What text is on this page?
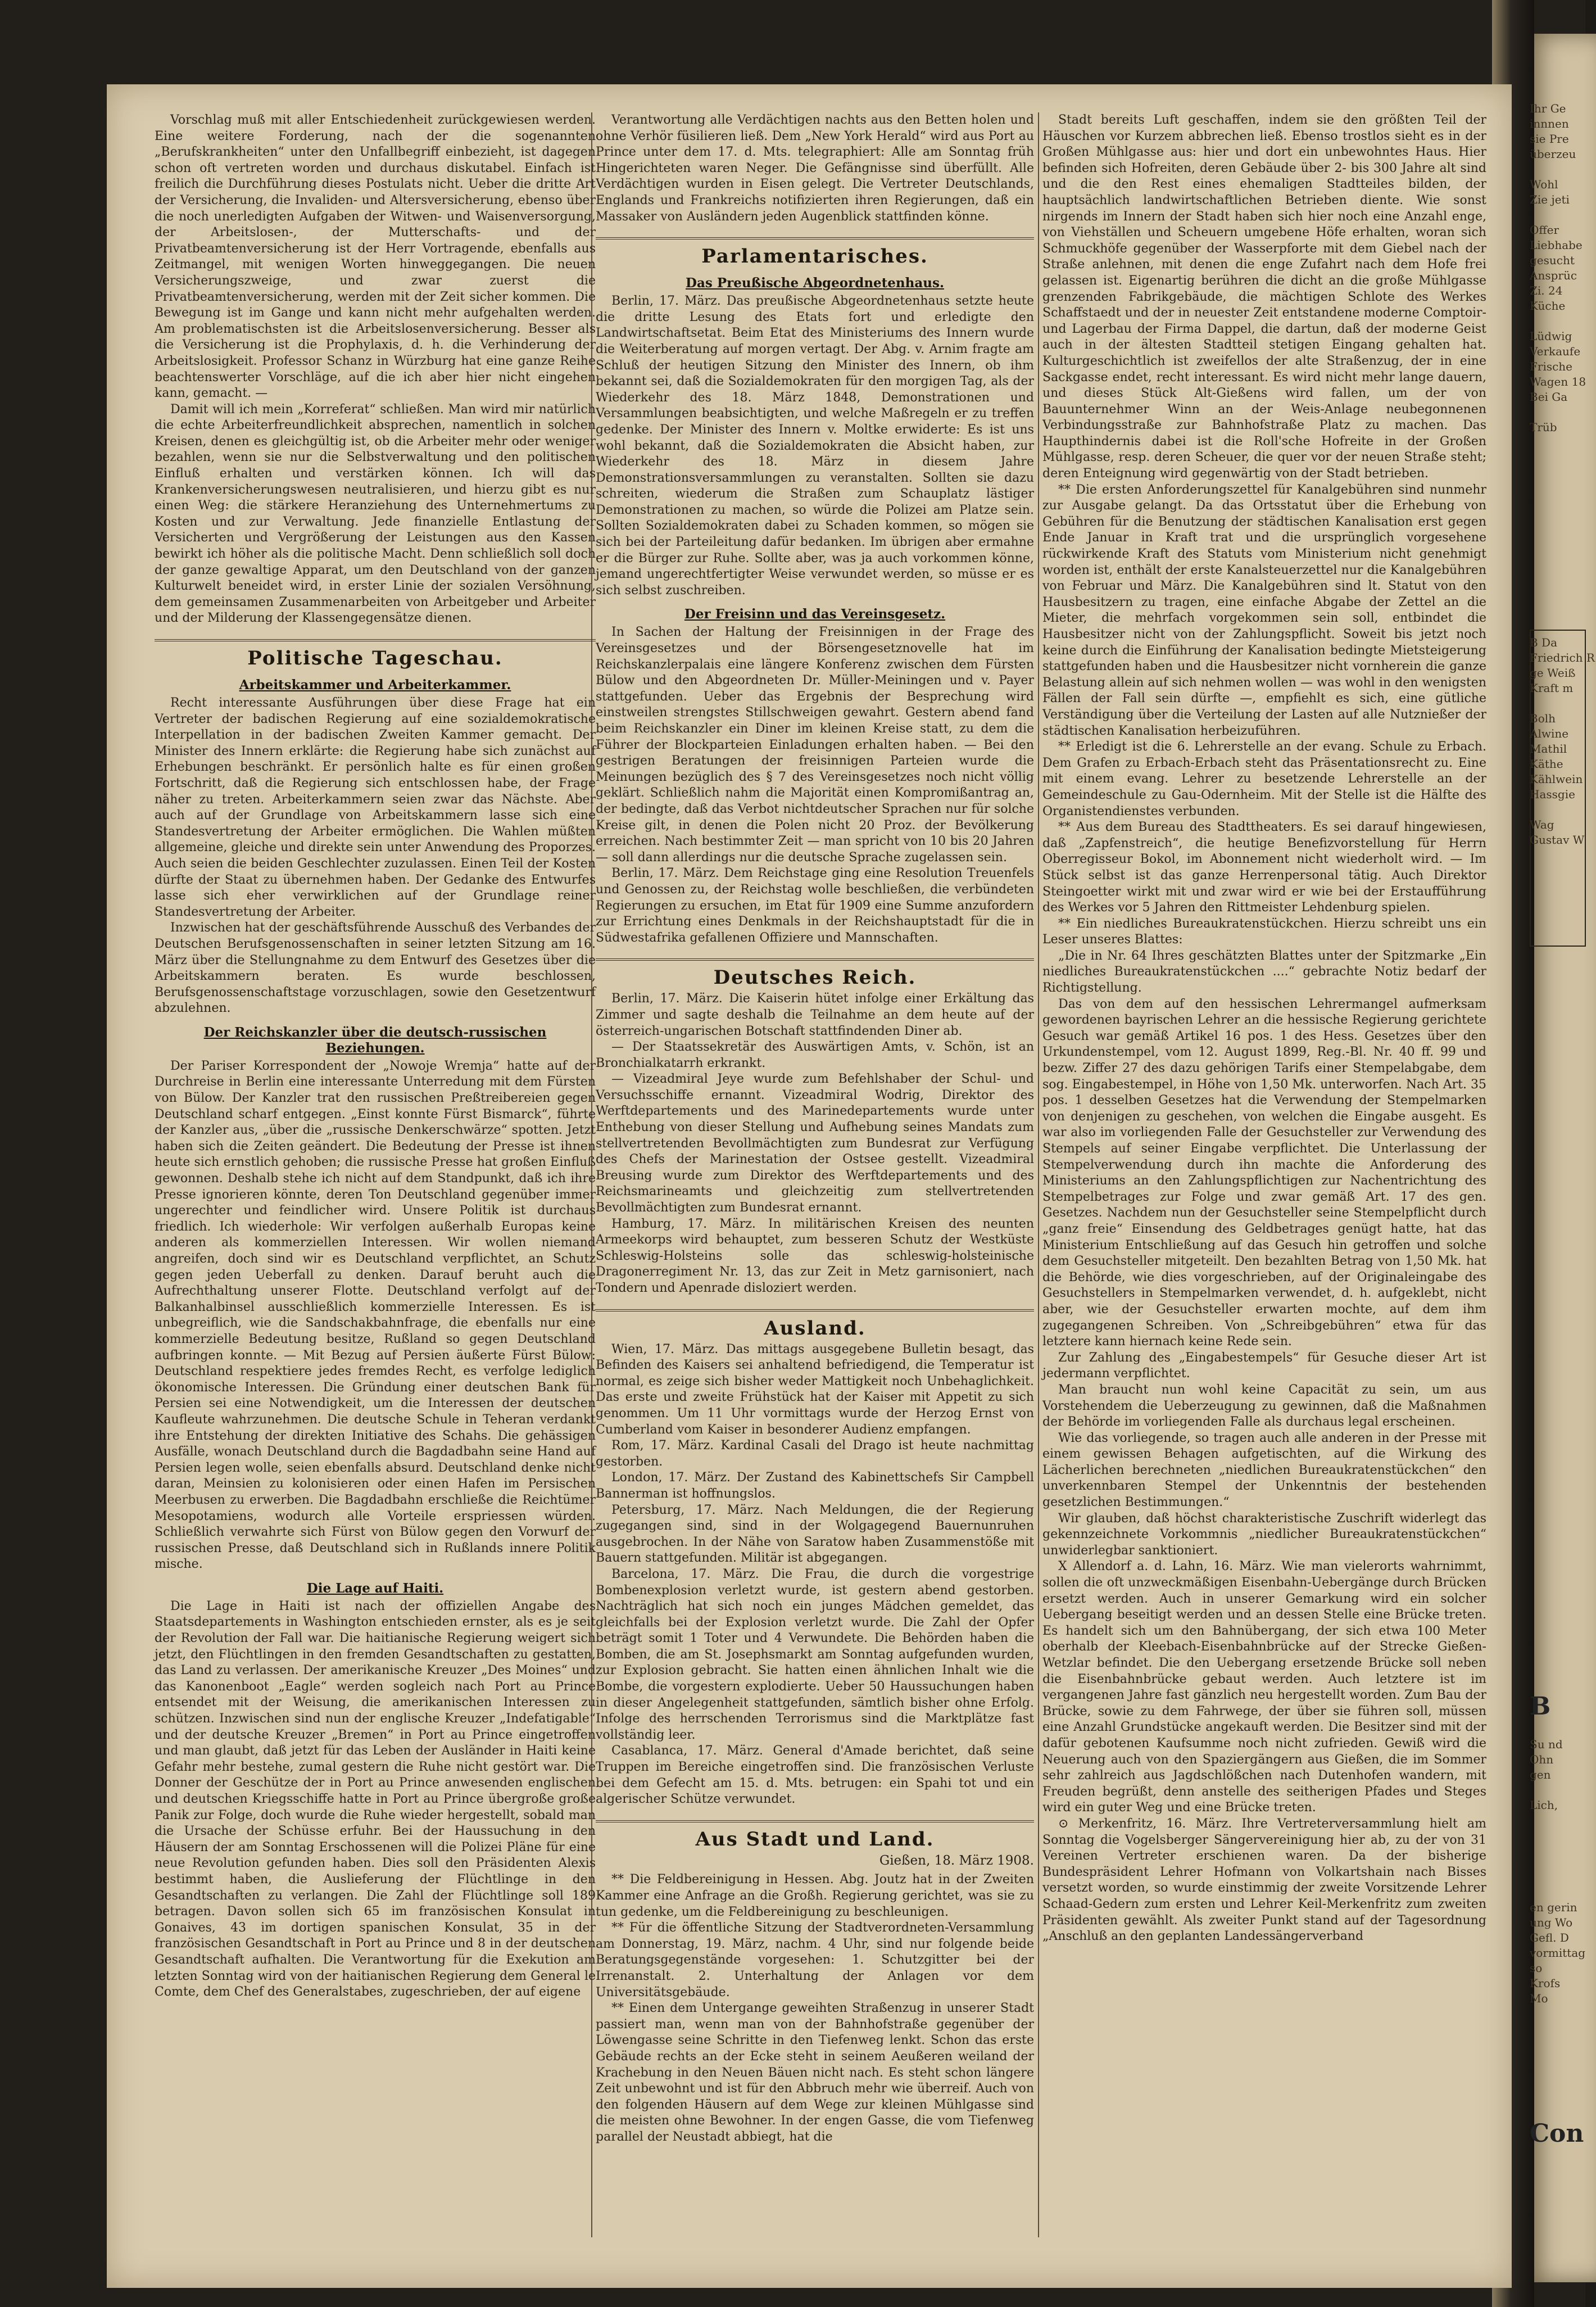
Vorschlag muß mit aller Entschiedenheit zurückgewiesen werden. Eine weitere Forderung, nach der die sogenannten „Berufskrankheiten“ unter den Unfallbegriff einbezieht, ist dagegen schon oft vertreten worden und durchaus diskutabel. Einfach ist freilich die Durchführung dieses Postulats nicht. Ueber die dritte Art der Versicherung, die Invaliden- und Altersversicherung, ebenso über die noch unerledigten Aufgaben der Witwen- und Waisenversorgung, der Arbeitslosen-, der Mutterschafts- und der Privatbeamtenversicherung ist der Herr Vortragende, ebenfalls aus Zeitmangel, mit wenigen Worten hinweggegangen. Die neuen Versicherungszweige, und zwar zuerst die Privatbeamtenversicherung, werden mit der Zeit sicher kommen. Die Bewegung ist im Gange und kann nicht mehr aufgehalten werden. Am problematischsten ist die Arbeitslosenversicherung. Besser als die Versicherung ist die Prophylaxis, d. h. die Verhinderung der Arbeitslosigkeit. Professor Schanz in Würzburg hat eine ganze Reihe beachtenswerter Vorschläge, auf die ich aber hier nicht eingehen kann, gemacht. —

Damit will ich mein „Korreferat“ schließen. Man wird mir natürlich die echte Arbeiterfreundlichkeit absprechen, namentlich in solchen Kreisen, denen es gleichgültig ist, ob die Arbeiter mehr oder weniger bezahlen, wenn sie nur die Selbstverwaltung und den politischen Einfluß erhalten und verstärken können. Ich will das Krankenversicherungswesen neutralisieren, und hierzu gibt es nur einen Weg: die stärkere Heranziehung des Unternehmertums zu Kosten und zur Verwaltung. Jede finanzielle Entlastung der Versicherten und Vergrößerung der Leistungen aus den Kassen bewirkt ich höher als die politische Macht. Denn schließlich soll doch der ganze gewaltige Apparat, um den Deutschland von der ganzen Kulturwelt beneidet wird, in erster Linie der sozialen Versöhnung, dem gemeinsamen Zusammenarbeiten von Arbeitgeber und Arbeiter und der Milderung der Klassengegensätze dienen.

Politische Tageschau.
Arbeitskammer und Arbeiterkammer.

Recht interessante Ausführungen über diese Frage hat ein Vertreter der badischen Regierung auf eine sozialdemokratische Interpellation in der badischen Zweiten Kammer gemacht. Der Minister des Innern erklärte: die Regierung habe sich zunächst auf Erhebungen beschränkt. Er persönlich halte es für einen großen Fortschritt, daß die Regierung sich entschlossen habe, der Frage näher zu treten. Arbeiterkammern seien zwar das Nächste. Aber auch auf der Grundlage von Arbeitskammern lasse sich eine Standesvertretung der Arbeiter ermöglichen. Die Wahlen müßten allgemeine, gleiche und direkte sein unter Anwendung des Proporzes. Auch seien die beiden Geschlechter zuzulassen. Einen Teil der Kosten dürfte der Staat zu übernehmen haben. Der Gedanke des Entwurfes lasse sich eher verwirklichen auf der Grundlage reiner Standesvertretung der Arbeiter.

Inzwischen hat der geschäftsführende Ausschuß des Verbandes der Deutschen Berufsgenossenschaften in seiner letzten Sitzung am 16. März über die Stellungnahme zu dem Entwurf des Gesetzes über die Arbeitskammern beraten. Es wurde beschlossen, Berufsgenossenschaftstage vorzuschlagen, sowie den Gesetzentwurf abzulehnen.

Der Reichskanzler über die deutsch-russischen Beziehungen.

Der Pariser Korrespondent der „Nowoje Wremja“ hatte auf der Durchreise in Berlin eine interessante Unterredung mit dem Fürsten von Bülow. Der Kanzler trat den russischen Preßtreibereien gegen Deutschland scharf entgegen. „Einst konnte Fürst Bismarck“, führte der Kanzler aus, „über die „russische Denkerschwärze“ spotten. Jetzt haben sich die Zeiten geändert. Die Bedeutung der Presse ist ihnen heute sich ernstlich gehoben; die russische Presse hat großen Einfluß gewonnen. Deshalb stehe ich nicht auf dem Standpunkt, daß ich ihre Presse ignorieren könnte, deren Ton Deutschland gegenüber immer ungerechter und feindlicher wird. Unsere Politik ist durchaus friedlich. Ich wiederhole: Wir verfolgen außerhalb Europas keine anderen als kommerziellen Interessen. Wir wollen niemand angreifen, doch sind wir es Deutschland verpflichtet, an Schutz gegen jeden Ueberfall zu denken. Darauf beruht auch die Aufrechthaltung unserer Flotte. Deutschland verfolgt auf der Balkanhalbinsel ausschließlich kommerzielle Interessen. Es ist unbegreiflich, wie die Sandschakbahnfrage, die ebenfalls nur eine kommerzielle Bedeutung besitze, Rußland so gegen Deutschland aufbringen konnte. — Mit Bezug auf Persien äußerte Fürst Bülow: Deutschland respektiere jedes fremdes Recht, es verfolge lediglich ökonomische Interessen. Die Gründung einer deutschen Bank für Persien sei eine Notwendigkeit, um die Interessen der deutschen Kaufleute wahrzunehmen. Die deutsche Schule in Teheran verdankt ihre Entstehung der direkten Initiative des Schahs. Die gehässigen Ausfälle, wonach Deutschland durch die Bagdadbahn seine Hand auf Persien legen wolle, seien ebenfalls absurd. Deutschland denke nicht daran, Meinsien zu kolonisieren oder einen Hafen im Persischen Meerbusen zu erwerben. Die Bagdadbahn erschließe die Reichtümer Mesopotamiens, wodurch alle Vorteile erspriessen würden. Schließlich verwahrte sich Fürst von Bülow gegen den Vorwurf der russischen Presse, daß Deutschland sich in Rußlands innere Politik mische.

Die Lage auf Haiti.

Die Lage in Haiti ist nach der offiziellen Angabe des Staatsdepartements in Washington entschieden ernster, als es je seit der Revolution der Fall war. Die haitianische Regierung weigert sich jetzt, den Flüchtlingen in den fremden Gesandtschaften zu gestatten, das Land zu verlassen. Der amerikanische Kreuzer „Des Moines“ und das Kanonenboot „Eagle“ werden sogleich nach Port au Prince entsendet mit der Weisung, die amerikanischen Interessen zu schützen. Inzwischen sind nun der englische Kreuzer „Indefatigable“ und der deutsche Kreuzer „Bremen“ in Port au Prince eingetroffen und man glaubt, daß jetzt für das Leben der Ausländer in Haiti keine Gefahr mehr bestehe, zumal gestern die Ruhe nicht gestört war. Die Donner der Geschütze der in Port au Prince anwesenden englischen und deutschen Kriegsschiffe hatte in Port au Prince übergroße große Panik zur Folge, doch wurde die Ruhe wieder hergestellt, sobald man die Ursache der Schüsse erfuhr. Bei der Haussuchung in den Häusern der am Sonntag Erschossenen will die Polizei Pläne für eine neue Revolution gefunden haben. Dies soll den Präsidenten Alexis bestimmt haben, die Auslieferung der Flüchtlinge in den Gesandtschaften zu verlangen. Die Zahl der Flüchtlinge soll 189 betragen. Davon sollen sich 65 im französischen Konsulat in Gonaives, 43 im dortigen spanischen Konsulat, 35 in der französischen Gesandtschaft in Port au Prince und 8 in der deutschen Gesandtschaft aufhalten. Die Verantwortung für die Exekution am letzten Sonntag wird von der haitianischen Regierung dem General le Comte, dem Chef des Generalstabes, zugeschrieben, der auf eigene

Verantwortung alle Verdächtigen nachts aus den Betten holen und ohne Verhör füsilieren ließ. Dem „New York Herald“ wird aus Port au Prince unter dem 17. d. Mts. telegraphiert: Alle am Sonntag früh Hingerichteten waren Neger. Die Gefängnisse sind überfüllt. Alle Verdächtigen wurden in Eisen gelegt. Die Vertreter Deutschlands, Englands und Frankreichs notifizierten ihren Regierungen, daß ein Massaker von Ausländern jeden Augenblick stattfinden könne.

Parlamentarisches.
Das Preußische Abgeordnetenhaus.

Berlin, 17. März. Das preußische Abgeordnetenhaus setzte heute die dritte Lesung des Etats fort und erledigte den Landwirtschaftsetat. Beim Etat des Ministeriums des Innern wurde die Weiterberatung auf morgen vertagt. Der Abg. v. Arnim fragte am Schluß der heutigen Sitzung den Minister des Innern, ob ihm bekannt sei, daß die Sozialdemokraten für den morgigen Tag, als der Wiederkehr des 18. März 1848, Demonstrationen und Versammlungen beabsichtigten, und welche Maßregeln er zu treffen gedenke. Der Minister des Innern v. Moltke erwiderte: Es ist uns wohl bekannt, daß die Sozialdemokraten die Absicht haben, zur Wiederkehr des 18. März in diesem Jahre Demonstrationsversammlungen zu veranstalten. Sollten sie dazu schreiten, wiederum die Straßen zum Schauplatz lästiger Demonstrationen zu machen, so würde die Polizei am Platze sein. Sollten Sozialdemokraten dabei zu Schaden kommen, so mögen sie sich bei der Parteileitung dafür bedanken. Im übrigen aber ermahne er die Bürger zur Ruhe. Sollte aber, was ja auch vorkommen könne, jemand ungerechtfertigter Weise verwundet werden, so müsse er es sich selbst zuschreiben.

Der Freisinn und das Vereinsgesetz.

In Sachen der Haltung der Freisinnigen in der Frage des Vereinsgesetzes und der Börsengesetznovelle hat im Reichskanzlerpalais eine längere Konferenz zwischen dem Fürsten Bülow und den Abgeordneten Dr. Müller-Meiningen und v. Payer stattgefunden. Ueber das Ergebnis der Besprechung wird einstweilen strengstes Stillschweigen gewahrt. Gestern abend fand beim Reichskanzler ein Diner im kleinen Kreise statt, zu dem die Führer der Blockparteien Einladungen erhalten haben. — Bei den gestrigen Beratungen der freisinnigen Parteien wurde die Meinungen bezüglich des § 7 des Vereinsgesetzes noch nicht völlig geklärt. Schließlich nahm die Majorität einen Kompromißantrag an, der bedingte, daß das Verbot nichtdeutscher Sprachen nur für solche Kreise gilt, in denen die Polen nicht 20 Proz. der Bevölkerung erreichen. Nach bestimmter Zeit — man spricht von 10 bis 20 Jahren — soll dann allerdings nur die deutsche Sprache zugelassen sein.

Berlin, 17. März. Dem Reichstage ging eine Resolution Treuenfels und Genossen zu, der Reichstag wolle beschließen, die verbündeten Regierungen zu ersuchen, im Etat für 1909 eine Summe anzufordern zur Errichtung eines Denkmals in der Reichshauptstadt für die in Südwestafrika gefallenen Offiziere und Mannschaften.

Deutsches Reich.

Berlin, 17. März. Die Kaiserin hütet infolge einer Erkältung das Zimmer und sagte deshalb die Teilnahme an dem heute auf der österreich-ungarischen Botschaft stattfindenden Diner ab.

— Der Staatssekretär des Auswärtigen Amts, v. Schön, ist an Bronchialkatarrh erkrankt.

— Vizeadmiral Jeye wurde zum Befehlshaber der Schul- und Versuchsschiffe ernannt. Vizeadmiral Wodrig, Direktor des Werftdepartements und des Marinedepartements wurde unter Enthebung von dieser Stellung und Aufhebung seines Mandats zum stellvertretenden Bevollmächtigten zum Bundesrat zur Verfügung des Chefs der Marinestation der Ostsee gestellt. Vizeadmiral Breusing wurde zum Direktor des Werftdepartements und des Reichsmarineamts und gleichzeitig zum stellvertretenden Bevollmächtigten zum Bundesrat ernannt.

Hamburg, 17. März. In militärischen Kreisen des neunten Armeekorps wird behauptet, zum besseren Schutz der Westküste Schleswig-Holsteins solle das schleswig-holsteinische Dragonerregiment Nr. 13, das zur Zeit in Metz garnisoniert, nach Tondern und Apenrade disloziert werden.

Ausland.

Wien, 17. März. Das mittags ausgegebene Bulletin besagt, das Befinden des Kaisers sei anhaltend befriedigend, die Temperatur ist normal, es zeige sich bisher weder Mattigkeit noch Unbehaglichkeit. Das erste und zweite Frühstück hat der Kaiser mit Appetit zu sich genommen. Um 11 Uhr vormittags wurde der Herzog Ernst von Cumberland vom Kaiser in besonderer Audienz empfangen.

Rom, 17. März. Kardinal Casali del Drago ist heute nachmittag gestorben.

London, 17. März. Der Zustand des Kabinettschefs Sir Campbell Bannerman ist hoffnungslos.

Petersburg, 17. März. Nach Meldungen, die der Regierung zugegangen sind, sind in der Wolgagegend Bauernunruhen ausgebrochen. In der Nähe von Saratow haben Zusammenstöße mit Bauern stattgefunden. Militär ist abgegangen.

Barcelona, 17. März. Die Frau, die durch die vorgestrige Bombenexplosion verletzt wurde, ist gestern abend gestorben. Nachträglich hat sich noch ein junges Mädchen gemeldet, das gleichfalls bei der Explosion verletzt wurde. Die Zahl der Opfer beträgt somit 1 Toter und 4 Verwundete. Die Behörden haben die Bomben, die am St. Josephsmarkt am Sonntag aufgefunden wurden, zur Explosion gebracht. Sie hatten einen ähnlichen Inhalt wie die Bombe, die vorgestern explodierte. Ueber 50 Haussuchungen haben in dieser Angelegenheit stattgefunden, sämtlich bisher ohne Erfolg. Infolge des herrschenden Terrorismus sind die Marktplätze fast vollständig leer.

Casablanca, 17. März. General d'Amade berichtet, daß seine Truppen im Bereiche eingetroffen sind. Die französischen Verluste bei dem Gefecht am 15. d. Mts. betrugen: ein Spahi tot und ein algerischer Schütze verwundet.

Aus Stadt und Land.
Gießen, 18. März 1908.

** Die Feldbereinigung in Hessen. Abg. Joutz hat in der Zweiten Kammer eine Anfrage an die Großh. Regierung gerichtet, was sie zu tun gedenke, um die Feldbereinigung zu beschleunigen.

** Für die öffentliche Sitzung der Stadtverordneten-Versammlung am Donnerstag, 19. März, nachm. 4 Uhr, sind nur folgende beide Beratungsgegenstände vorgesehen: 1. Schutzgitter bei der Irrenanstalt. 2. Unterhaltung der Anlagen vor dem Universitätsgebäude.

** Einen dem Untergange geweihten Straßenzug in unserer Stadt passiert man, wenn man von der Bahnhofstraße gegenüber der Löwengasse seine Schritte in den Tiefenweg lenkt. Schon das erste Gebäude rechts an der Ecke steht in seinem Aeußeren weiland der Krachebung in den Neuen Bäuen nicht nach. Es steht schon längere Zeit unbewohnt und ist für den Abbruch mehr wie überreif. Auch von den folgenden Häusern auf dem Wege zur kleinen Mühlgasse sind die meisten ohne Bewohner. In der engen Gasse, die vom Tiefenweg parallel der Neustadt abbiegt, hat die

Stadt bereits Luft geschaffen, indem sie den größten Teil der Häuschen vor Kurzem abbrechen ließ. Ebenso trostlos sieht es in der Großen Mühlgasse aus: hier und dort ein unbewohntes Haus. Hier befinden sich Hofreiten, deren Gebäude über 2- bis 300 Jahre alt sind und die den Rest eines ehemaligen Stadtteiles bilden, der hauptsächlich landwirtschaftlichen Betrieben diente. Wie sonst nirgends im Innern der Stadt haben sich hier noch eine Anzahl enge, von Viehställen und Scheuern umgebene Höfe erhalten, woran sich Schmuckhöfe gegenüber der Wasserpforte mit dem Giebel nach der Straße anlehnen, mit denen die enge Zufahrt nach dem Hofe frei gelassen ist. Eigenartig berühren die dicht an die große Mühlgasse grenzenden Fabrikgebäude, die mächtigen Schlote des Werkes Schaffstaedt und der in neuester Zeit entstandene moderne Comptoir- und Lagerbau der Firma Dappel, die dartun, daß der moderne Geist auch in der ältesten Stadtteil stetigen Eingang gehalten hat. Kulturgeschichtlich ist zweifellos der alte Straßenzug, der in eine Sackgasse endet, recht interessant. Es wird nicht mehr lange dauern, und dieses Stück Alt-Gießens wird fallen, um der von Bauunternehmer Winn an der Weis-Anlage neubegonnenen Verbindungsstraße zur Bahnhofstraße Platz zu machen. Das Haupthindernis dabei ist die Roll'sche Hofreite in der Großen Mühlgasse, resp. deren Scheuer, die quer vor der neuen Straße steht; deren Enteignung wird gegenwärtig von der Stadt betrieben.

** Die ersten Anforderungszettel für Kanalgebühren sind nunmehr zur Ausgabe gelangt. Da das Ortsstatut über die Erhebung von Gebühren für die Benutzung der städtischen Kanalisation erst gegen Ende Januar in Kraft trat und die ursprünglich vorgesehene rückwirkende Kraft des Statuts vom Ministerium nicht genehmigt worden ist, enthält der erste Kanalsteuerzettel nur die Kanalgebühren von Februar und März. Die Kanalgebühren sind lt. Statut von den Hausbesitzern zu tragen, eine einfache Abgabe der Zettel an die Mieter, die mehrfach vorgekommen sein soll, entbindet die Hausbesitzer nicht von der Zahlungspflicht. Soweit bis jetzt noch keine durch die Einführung der Kanalisation bedingte Mietsteigerung stattgefunden haben und die Hausbesitzer nicht vornherein die ganze Belastung allein auf sich nehmen wollen — was wohl in den wenigsten Fällen der Fall sein dürfte —, empfiehlt es sich, eine gütliche Verständigung über die Verteilung der Lasten auf alle Nutznießer der städtischen Kanalisation herbeizuführen.

** Erledigt ist die 6. Lehrerstelle an der evang. Schule zu Erbach. Dem Grafen zu Erbach-Erbach steht das Präsentationsrecht zu. Eine mit einem evang. Lehrer zu besetzende Lehrerstelle an der Gemeindeschule zu Gau-Odernheim. Mit der Stelle ist die Hälfte des Organistendienstes verbunden.

** Aus dem Bureau des Stadttheaters. Es sei darauf hingewiesen, daß „Zapfenstreich“, die heutige Benefizvorstellung für Herrn Oberregisseur Bokol, im Abonnement nicht wiederholt wird. — Im Stück selbst ist das ganze Herrenpersonal tätig. Auch Direktor Steingoetter wirkt mit und zwar wird er wie bei der Erstaufführung des Werkes vor 5 Jahren den Rittmeister Lehdenburg spielen.

** Ein niedliches Bureaukratenstückchen. Hierzu schreibt uns ein Leser unseres Blattes:

„Die in Nr. 64 Ihres geschätzten Blattes unter der Spitzmarke „Ein niedliches Bureaukratenstückchen ....“ gebrachte Notiz bedarf der Richtigstellung.

Das von dem auf den hessischen Lehrermangel aufmerksam gewordenen bayrischen Lehrer an die hessische Regierung gerichtete Gesuch war gemäß Artikel 16 pos. 1 des Hess. Gesetzes über den Urkundenstempel, vom 12. August 1899, Reg.-Bl. Nr. 40 ff. 99 und bezw. Ziffer 27 des dazu gehörigen Tarifs einer Stempelabgabe, dem sog. Eingabestempel, in Höhe von 1,50 Mk. unterworfen. Nach Art. 35 pos. 1 desselben Gesetzes hat die Verwendung der Stempelmarken von denjenigen zu geschehen, von welchen die Eingabe ausgeht. Es war also im vorliegenden Falle der Gesuchsteller zur Verwendung des Stempels auf seiner Eingabe verpflichtet. Die Unterlassung der Stempelverwendung durch ihn machte die Anforderung des Ministeriums an den Zahlungspflichtigen zur Nachentrichtung des Stempelbetrages zur Folge und zwar gemäß Art. 17 des gen. Gesetzes. Nachdem nun der Gesuchsteller seine Stempelpflicht durch „ganz freie“ Einsendung des Geldbetrages genügt hatte, hat das Ministerium Entschließung auf das Gesuch hin getroffen und solche dem Gesuchsteller mitgeteilt. Den bezahlten Betrag von 1,50 Mk. hat die Behörde, wie dies vorgeschrieben, auf der Originaleingabe des Gesuchstellers in Stempelmarken verwendet, d. h. aufgeklebt, nicht aber, wie der Gesuchsteller erwarten mochte, auf dem ihm zugegangenen Schreiben. Von „Schreibgebühren“ etwa für das letztere kann hiernach keine Rede sein.

Zur Zahlung des „Eingabestempels“ für Gesuche dieser Art ist jedermann verpflichtet.

Man braucht nun wohl keine Capacität zu sein, um aus Vorstehendem die Ueberzeugung zu gewinnen, daß die Maßnahmen der Behörde im vorliegenden Falle als durchaus legal erscheinen.

Wie das vorliegende, so tragen auch alle anderen in der Presse mit einem gewissen Behagen aufgetischten, auf die Wirkung des Lächerlichen berechneten „niedlichen Bureaukratenstückchen“ den unverkennbaren Stempel der Unkenntnis der bestehenden gesetzlichen Bestimmungen.“

Wir glauben, daß höchst charakteristische Zuschrift widerlegt das gekennzeichnete Vorkommnis „niedlicher Bureaukratenstückchen“ unwiderlegbar sanktioniert.

X Allendorf a. d. Lahn, 16. März. Wie man vielerorts wahrnimmt, sollen die oft unzweckmäßigen Eisenbahn-Uebergänge durch Brücken ersetzt werden. Auch in unserer Gemarkung wird ein solcher Uebergang beseitigt werden und an dessen Stelle eine Brücke treten. Es handelt sich um den Bahnübergang, der sich etwa 100 Meter oberhalb der Kleebach-Eisenbahnbrücke auf der Strecke Gießen-Wetzlar befindet. Die den Uebergang ersetzende Brücke soll neben die Eisenbahnbrücke gebaut werden. Auch letztere ist im vergangenen Jahre fast gänzlich neu hergestellt worden. Zum Bau der Brücke, sowie zu dem Fahrwege, der über sie führen soll, müssen eine Anzahl Grundstücke angekauft werden. Die Besitzer sind mit der dafür gebotenen Kaufsumme noch nicht zufrieden. Gewiß wird die Neuerung auch von den Spaziergängern aus Gießen, die im Sommer sehr zahlreich aus Jagdschlößchen nach Dutenhofen wandern, mit Freuden begrüßt, denn anstelle des seitherigen Pfades und Steges wird ein guter Weg und eine Brücke treten.

⊙ Merkenfritz, 16. März. Ihre Vertreterversammlung hielt am Sonntag die Vogelsberger Sängervereinigung hier ab, zu der von 31 Vereinen Vertreter erschienen waren. Da der bisherige Bundespräsident Lehrer Hofmann von Volkartshain nach Bisses versetzt worden, so wurde einstimmig der zweite Vorsitzende Lehrer Schaad-Gedern zum ersten und Lehrer Keil-Merkenfritz zum zweiten Präsidenten gewählt. Als zweiter Punkt stand auf der Tagesordnung „Anschluß an den geplanten Landessängerverband

Ihr Ge
innnen
sie Pre
überzeu

Wohl
Zie jeti

Offer
Liebhabe
gesucht
Ansprüc
Zi. 24
Küche

Lüdwig
Verkaufe
Frische
Wagen 18
Bei Ga

Trüb
B Da
Friedrich R
ge Weiß
Kraft m

Bolh
Alwine
Mathil
Käthe
Kählwein
Hassgie

Wag
Gustav W
B
Su nd
Ohn
gen

Lich,
en gerin
ung Wo
Gefl. D
vormittag
so
Krofs
Mo
Con
